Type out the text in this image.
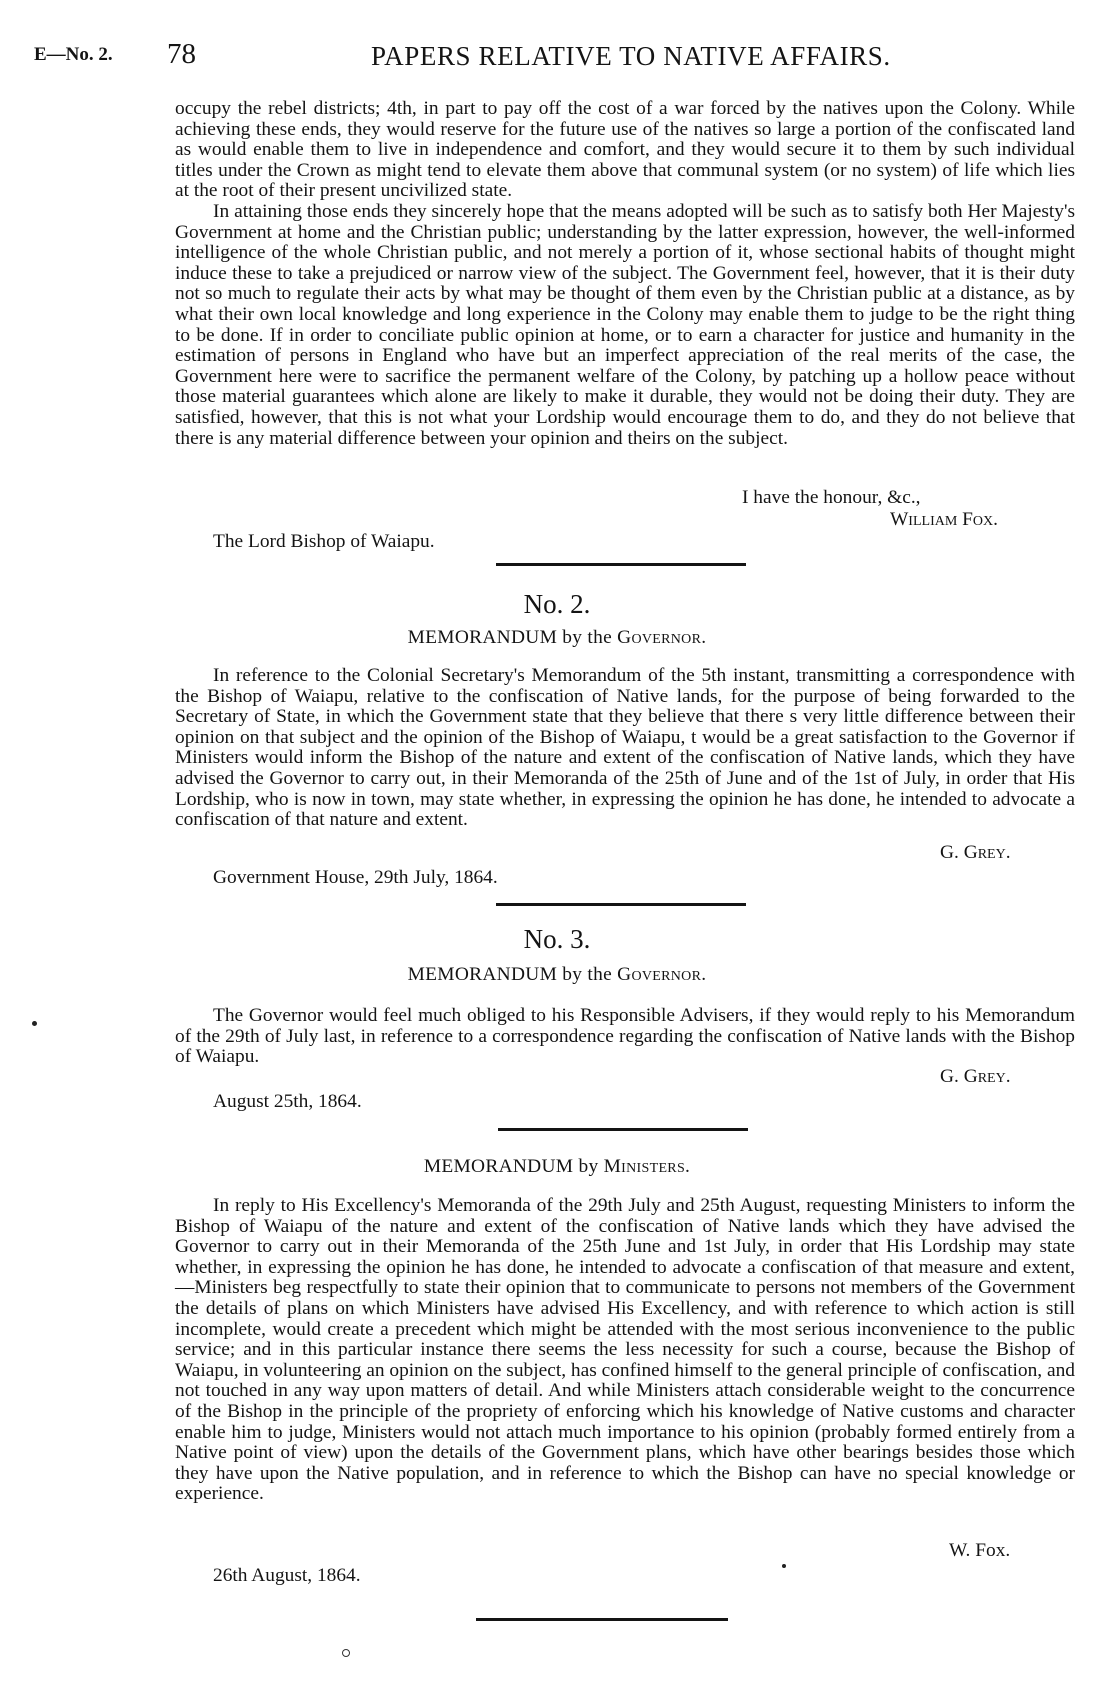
E—No. 2. 78	PAPERS RELATIVE TO NATIVE AFFAIRS.

occupy the rebel districts; 4th, in part to pay off the cost of a war forced by the natives upon the Colony. While achieving these ends, they would reserve for the future use of the natives so large a portion of the confiscated land as would enable them to live in independence and comfort, and they would secure it to them by such individual titles under the Crown as might tend to elevate them above that communal system (or no system) of life which lies at the root of their present uncivilized state.

In attaining those ends they sincerely hope that the means adopted will be such as to satisfy both Her Majesty's Government at home and the Christian public; understanding by the latter expression, however, the well-informed intelligence of the whole Christian public, and not merely a portion of it, whose sectional habits of thought might induce these to take a prejudiced or narrow view of the subject. The Government feel, however, that it is their duty not so much to regulate their acts by what may be thought of them even by the Christian public at a distance, as by what their own local knowledge and long experience in the Colony may enable them to judge to be the right thing to be done. If in order to conciliate public opinion at home, or to earn a character for justice and humanity in the estimation of persons in England who have but an imperfect appreciation of the real merits of the case, the Government here were to sacrifice the permanent welfare of the Colony, by patching up a hollow peace without those material guarantees which alone are likely to make it durable, they would not be doing their duty. They are satisfied, however, that this is not what your Lordship would encourage them to do, and they do not believe that there is any material difference between your opinion and theirs on the subject.

I have the honour, &c.,
William Fox.
The Lord Bishop of Waiapu.
No. 2.
MEMORANDUM by the Governor.

In reference to the Colonial Secretary's Memorandum of the 5th instant, transmitting a correspondence with the Bishop of Waiapu, relative to the confiscation of Native lands, for the purpose of being forwarded to the Secretary of State, in which the Government state that they believe that there s very little difference between their opinion on that subject and the opinion of the Bishop of Waiapu, t would be a great satisfaction to the Governor if Ministers would inform the Bishop of the nature and extent of the confiscation of Native lands, which they have advised the Governor to carry out, in their Memoranda of the 25th of June and of the 1st of July, in order that His Lordship, who is now in town, may state whether, in expressing the opinion he has done, he intended to advocate a confiscation of that nature and extent.

G. Grey.
Government House, 29th July, 1864.
No. 3.
MEMORANDUM by the Governor.

The Governor would feel much obliged to his Responsible Advisers, if they would reply to his Memorandum of the 29th of July last, in reference to a correspondence regarding the confiscation of Native lands with the Bishop of Waiapu.

G. Grey.
August 25th, 1864.
MEMORANDUM by Ministers.

In reply to His Excellency's Memoranda of the 29th July and 25th August, requesting Ministers to inform the Bishop of Waiapu of the nature and extent of the confiscation of Native lands which they have advised the Governor to carry out in their Memoranda of the 25th June and 1st July, in order that His Lordship may state whether, in expressing the opinion he has done, he intended to advocate a confiscation of that measure and extent,—Ministers beg respectfully to state their opinion that to communicate to persons not members of the Government the details of plans on which Ministers have advised His Excellency, and with reference to which action is still incomplete, would create a precedent which might be attended with the most serious inconvenience to the public service; and in this particular instance there seems the less necessity for such a course, because the Bishop of Waiapu, in volunteering an opinion on the subject, has confined himself to the general principle of confiscation, and not touched in any way upon matters of detail. And while Ministers attach considerable weight to the concurrence of the Bishop in the principle of the propriety of enforcing which his knowledge of Native customs and character enable him to judge, Ministers would not attach much importance to his opinion (probably formed entirely from a Native point of view) upon the details of the Government plans, which have other bearings besides those which they have upon the Native population, and in reference to which the Bishop can have no special knowledge or experience.

W. Fox.
26th August, 1864.
